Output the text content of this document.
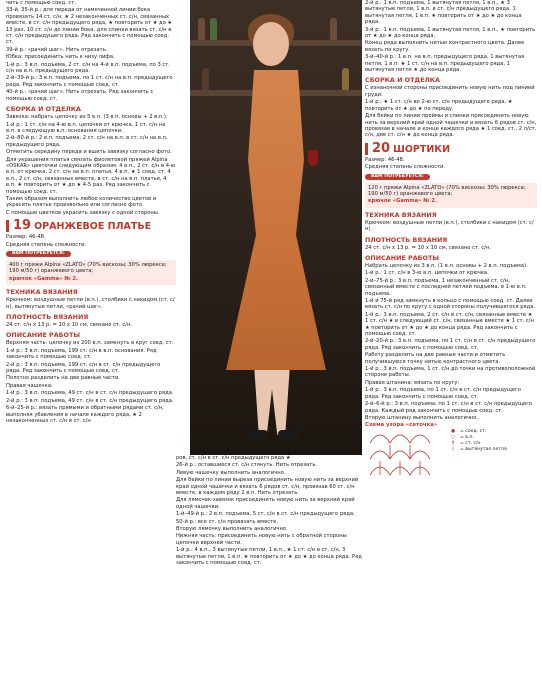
чить с помощью соед. ст.

33-й, 35-й р.: для переда от намеченной линии бока провязать 14 ст. с/н, ★ 2 незаконченных ст. с/н, связанных вместе, в ст. с/н предыдущего ряда, ★ повторить от ★ до ★ 13 раз, 10 ст. с/н до линии бока, для спинки вязать ст. с/н в ст. с/н предыдущего ряда. Ряд закончить с помощью соед. ст.

39-й р.: «рачий шаг». Нить отрезать.

Юбка: присоединить нить к низу лифа.

1-й р.: 3 в.п. подъема, 2 ст. с/н на 4-й в.п. подъема, по 3 ст. с/н на в.п. предыдущего ряда.

2-й–39-й р.: 3 в.п. подъема, по 1 ст. с/н на в.п. предыдущего ряда. Ряд закончить с помощью соед. ст.

40-й р.: «рачий шаг». Нить отрезать. Ряд закончить с помощью соед. ст.

СБОРКА И ОТДЕЛКА

Завязка: набрать цепочку из 5 в.п. (3 в.п. основы + 2 в.п.).

1-й р.: 1 ст. с/н на 4-ю в.п. цепочки от крючка, 1 ст. с/н на в.п. в следующую в.п. основания цепочки.

2-й–80-й р.: 2 в.п. подъема, 2 ст. с/н на в.п. в ст. с/н на в.п. предыдущего ряда.

Отметить середину переда и вшить завязку согласно фото.

Для украшения платья связать фиолетовой пряжей Alpina «OSKAR» цветочки следующим образом: 4 в.п., 2 ст. с/н в 4-ю в.п. от крючка, 2 ст. с/н на в.п. платья, 4 в.п. ★ 1 соед. ст. 4 в.п., 2 ст. с/н, связанных вместе, в ст. с/н на в.п. платья, 4 в.п. ★ повторить от ★ до ★ 4-5 раз. Ряд закончить с помощью соед. ст.

Таким образом выполнить любое количество цветов и украсить платье произвольно или согласно фото.

С помощью цветков украсить завязку с одной стороны.

19 ОРАНЖЕВОЕ ПЛАТЬЕ

Размер: 46-48.

Средняя степень сложности.

ВАМ ПОТРЕБУЕТСЯ:

400 г пряжи Alpina «ZLATO» (70% вискозы; 30% люрекса; 190 м/50 г) оранжевого цвета;

крючок «Gamma» № 2.

ТЕХНИКА ВЯЗАНИЯ

Крючком: воздушные петли (в.п.), столбики с накидом (ст. с/н), вытянутые петли, «рачий шаг».

ПЛОТНОСТЬ ВЯЗАНИЯ

24 ст. с/н х 13 р. = 10 х 10 см, связано ст. с/н.

ОПИСАНИЕ РАБОТЫ

Верхняя часть: цепочку из 200 в.п. замкнуть в круг соед. ст.

1-й р.: 3 в.п. подъема, 199 ст. с/н в в.п. основания. Ряд закончить с помощью соед. ст.

2-й р.: 3 в.п. подъема, 199 ст. с/н в ст. с/н предыдущего ряда. Ряд закончить с помощью соед. ст.

Полотно разделить на две равные части.

Правая чашечка:

1-й р.: 3 в.п. подъема, 49 ст. с/н в ст. с/н предыдущего ряда.

2-й р.: 3 в.п. подъема, 49 ст. с/н в ст. с/н предыдущего ряда.

6-й–25-й р.: вязать прямыми и обратными рядами ст. с/н, выполняя убавления в начале каждого ряда, ★ 2 незаконченных ст. с/н в ст. с/н

ров. ст. с/н в ст. с/н предыдущего ряда ★

26-й р.: оставшиеся ст. с/н стянуть. Нить отрезать.

Левую чашечку выполнить аналогично.

Для бейки по линии выреза присоединить новую нить за верхний край одной чашечки и вязать 6 рядов ст. с/н, провязав 60 ст. с/н вместе, в каждом ряду 2 в.п. Нить отрезать.

Для лямочек-завязок присоединить новую нить за верхний край одной чашечки.

1-й–49-й р.: 2 в.п. подъема, 5 ст. с/н в ст. с/н предыдущего ряда.

50-й р.: все ст. с/н провязать вместе.

Вторую лямочку выполнить аналогично.

Нижняя часть: присоединить новую нить с обратной стороны цепочки верхней части.

1-й р.: 4 в.п., 3 вытянутые петли, 1 в.п., ★ 1 ст. с/н в ст. с/н, 3 вытянутые петли, 1 в.п. ★ повторить от ★ до ★ до конца ряда. Ряд закончить с помощью соед. ст.

2-й р.: 1 в.п. подъема, 1 вытянутая петля, 1 в.п., ★ 3 вытянутые петли, 1 в.п. в ст. с/н предыдущего ряда, 1 вытянутая петля, 1 в.п. ★ повторить от ★ до ★ до конца ряда.

3-й р.: 1 в.п. подъема, 1 вытянутая петля, 1 в.п., ★ повторить от ★ до ★ до конца ряда.

Конец ряда выполнить нитью контрастного цвета. Далее вязать по кругу.

3-й–40-й р.: 1 в.п. на в.п. предыдущего ряда, 1 вытянутая петля, 1 в.п. ★ 1 ст. с/н на в.п. предыдущего ряда, 1 вытянутая петля ★ до конца ряда.

СБОРКА И ОТДЕЛКА

С изнаночной стороны присоединить новую нить под линией груди.

1-й р.: ★ 1 ст. с/н во 2-ю ст. с/н предыдущего ряда, ★ повторить от ★ до ★ по переду.

Для бейки по линии проймы и спинки присоединить новую нить за верхний край одной чашечки и вязать 6 рядов ст. с/н, провязав в начале и конце каждого ряда ★ 1 соед. ст., 2 п/ст. с/н, две ст. с/н ★ до конца ряда.

20 ШОРТИКИ

Размер: 46-48.

Средняя степень сложности.

ВАМ ПОТРЕБУЕТСЯ:

120 г пряжи Alpina «ZLATO» (70% вискозы; 30% люрекса; 190 м/50 г) оранжевого цвета;

крючок «Gamma» № 2.

ТЕХНИКА ВЯЗАНИЯ

Крючком: воздушные петли (в.п.), столбики с накидом (ст. с/н).

ПЛОТНОСТЬ ВЯЗАНИЯ

24 ст. с/н х 13 р. = 10 х 10 см, связано ст. с/н.

ОПИСАНИЕ РАБОТЫ

Набрать цепочку из 3 в.п. (1 в.п. основы + 2 в.п. подъема).

1-й р.: 1 ст. с/н в 3-ю в.п. цепочки от крючка.

2-й–75-й р.: 3 в.п. подъема, 1 незаконченный ст. с/н, связанный вместе с последней петлей подъема, в 1-ю в.п. подъема.

1-й и 75-й ряд замкнуть в кольцо с помощью соед. ст. Далее вязать ст. с/н по кругу с одной стороны получившегося ряда.

1-й р.: 3 в.п. подъема, 2 ст. с/н в ст. с/н, связанные вместе ★ 1 ст. с/н ★ в следующий ст. с/н, связанные вместе ★ 1 ст. с/н ★ повторить от ★ до ★ до конца ряда. Ряд закончить с помощью соед. ст.

2-й–20-й р.: 3 в.п. подъема, по 1 ст. с/н в ст. с/н предыдущего ряда. Ряд закончить с помощью соед. ст.

Работу разделить на две равные части и отметить получившуюся точку нитью контрастного цвета.

1-й р.: 3 в.п. подъема, 1 ст. с/н до точки на противоположной стороне работы.

Правая штанина: вязать по кругу:

1-й р.: 3 в.п. подъема, по 1 ст. с/н в ст. с/н предыдущего ряда. Ряд закончить с помощью соед. ст.

2-й–6-й р.: 3 в.п. подъема, по 1 ст. с/н в ст. с/н предыдущего ряда. Каждый ряд закончить с помощью соед. ст.

Вторую штанину выполнить аналогично.

Схема узора «сеточка»
●	= соед. ст.
○	= в.п.
†	= ст. с/н
◊	= вытянутая петля
